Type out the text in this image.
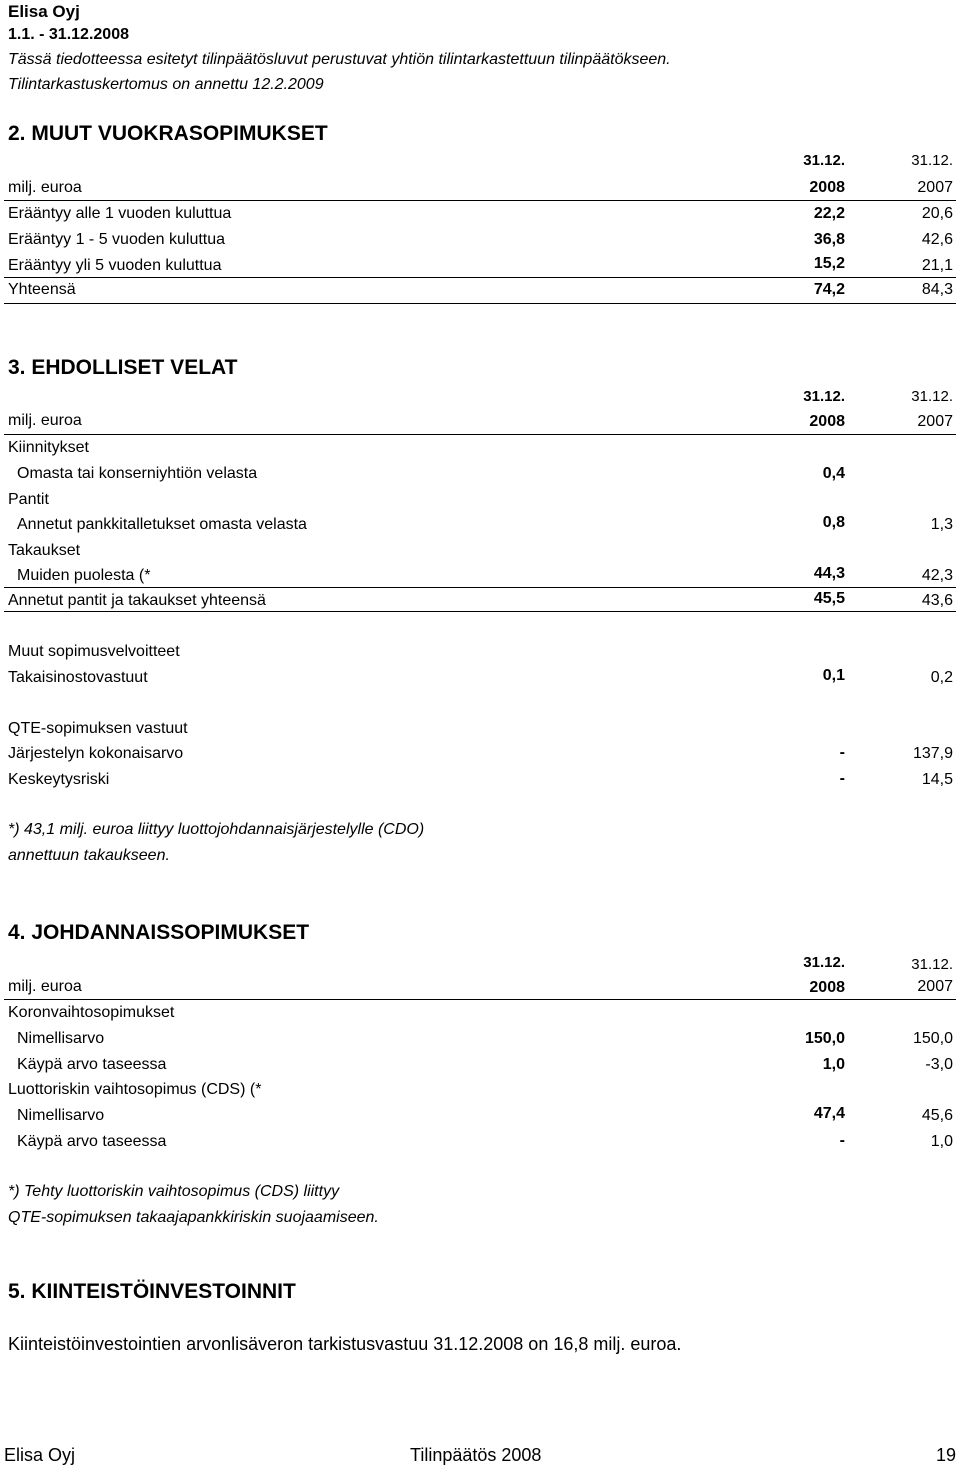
Elisa Oyj
1.1. - 31.12.2008
Tässä tiedotteessa esitetyt tilinpäätösluvut perustuvat yhtiön tilintarkastettuun tilinpäätökseen.
Tilintarkastuskertomus on annettu 12.2.2009
2. MUUT VUOKRASOPIMUKSET
31.12.	31.12.
milj. euroa	2008	2007
Erääntyy alle 1 vuoden kuluttua	22,2	20,6
Erääntyy 1 - 5 vuoden kuluttua	36,8	42,6
Erääntyy yli 5 vuoden kuluttua	15,2	21,1
Yhteensä	74,2	84,3
3. EHDOLLISET VELAT
31.12.	31.12.
milj. euroa	2008	2007
Kiinnitykset
Omasta tai konserniyhtiön velasta	0,4
Pantit
Annetut pankkitalletukset omasta velasta	0,8	1,3
Takaukset
Muiden puolesta (*	44,3	42,3
Annetut pantit ja takaukset yhteensä	45,5	43,6
Muut sopimusvelvoitteet
Takaisinostovastuut	0,1	0,2
QTE-sopimuksen vastuut
Järjestelyn kokonaisarvo	-	137,9
Keskeytysriski	-	14,5
*) 43,1 milj. euroa liittyy luottojohdannaisjärjestelylle (CDO)
annettuun takaukseen.
4. JOHDANNAISSOPIMUKSET
31.12.	31.12.
milj. euroa	2008	2007
Koronvaihtosopimukset
Nimellisarvo	150,0	150,0
Käypä arvo taseessa	1,0	-3,0
Luottoriskin vaihtosopimus (CDS) (*
Nimellisarvo	47,4	45,6
Käypä arvo taseessa	-	1,0
*) Tehty luottoriskin vaihtosopimus (CDS) liittyy
QTE-sopimuksen takaajapankkiriskin suojaamiseen.
5. KIINTEISTÖINVESTOINNIT
Kiinteistöinvestointien arvonlisäveron tarkistusvastuu 31.12.2008 on 16,8 milj. euroa.
Elisa Oyj	Tilinpäätös 2008	19
